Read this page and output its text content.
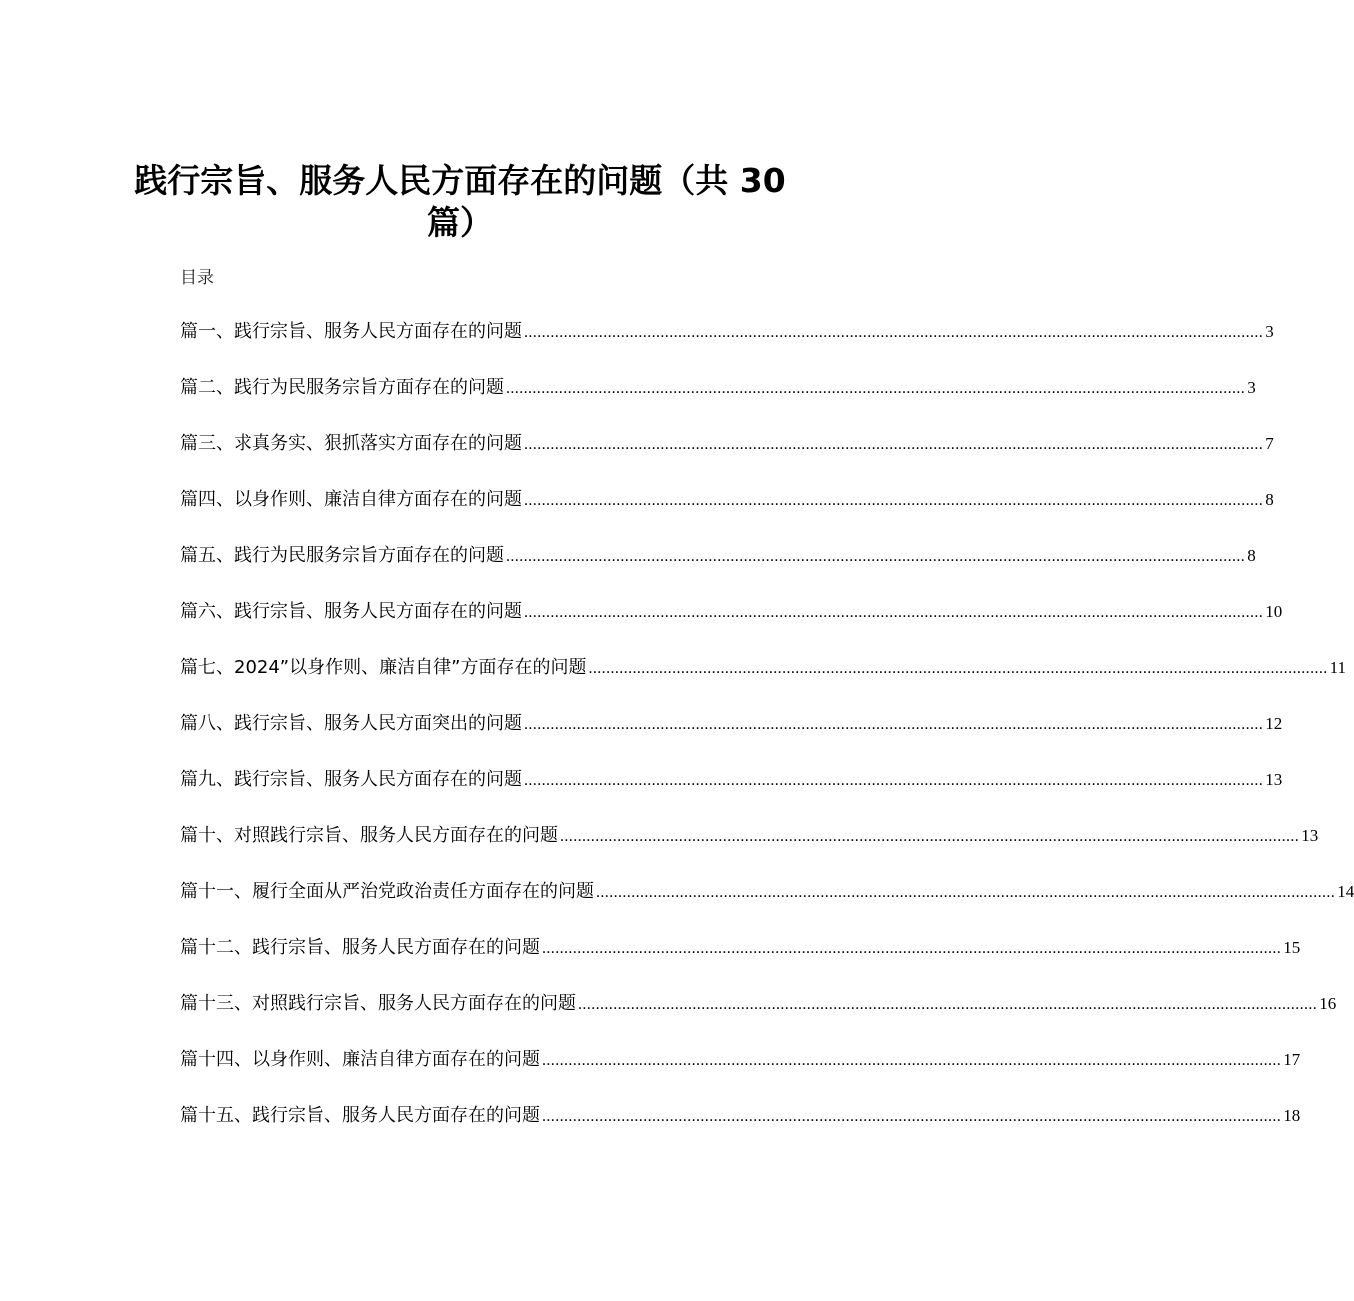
践行宗旨、服务人民方面存在的问题（共 30 篇）
目录
篇一、践行宗旨、服务人民方面存在的问题 ........................................................................................................................................................................ 3
篇二、践行为民服务宗旨方面存在的问题 ........................................................................................................................................................................ 3
篇三、求真务实、狠抓落实方面存在的问题 ........................................................................................................................................................................ 7
篇四、以身作则、廉洁自律方面存在的问题 ........................................................................................................................................................................ 8
篇五、践行为民服务宗旨方面存在的问题 ........................................................................................................................................................................ 8
篇六、践行宗旨、服务人民方面存在的问题 ........................................................................................................................................................................ 10
篇七、2024”以身作则、廉洁自律”方面存在的问题 ........................................................................................................................................................................ 11
篇八、践行宗旨、服务人民方面突出的问题 ........................................................................................................................................................................ 12
篇九、践行宗旨、服务人民方面存在的问题 ........................................................................................................................................................................ 13
篇十、对照践行宗旨、服务人民方面存在的问题 ........................................................................................................................................................................ 13
篇十一、履行全面从严治党政治责任方面存在的问题 ........................................................................................................................................................................ 14
篇十二、践行宗旨、服务人民方面存在的问题 ........................................................................................................................................................................ 15
篇十三、对照践行宗旨、服务人民方面存在的问题 ........................................................................................................................................................................ 16
篇十四、以身作则、廉洁自律方面存在的问题 ........................................................................................................................................................................ 17
篇十五、践行宗旨、服务人民方面存在的问题 ........................................................................................................................................................................ 18
